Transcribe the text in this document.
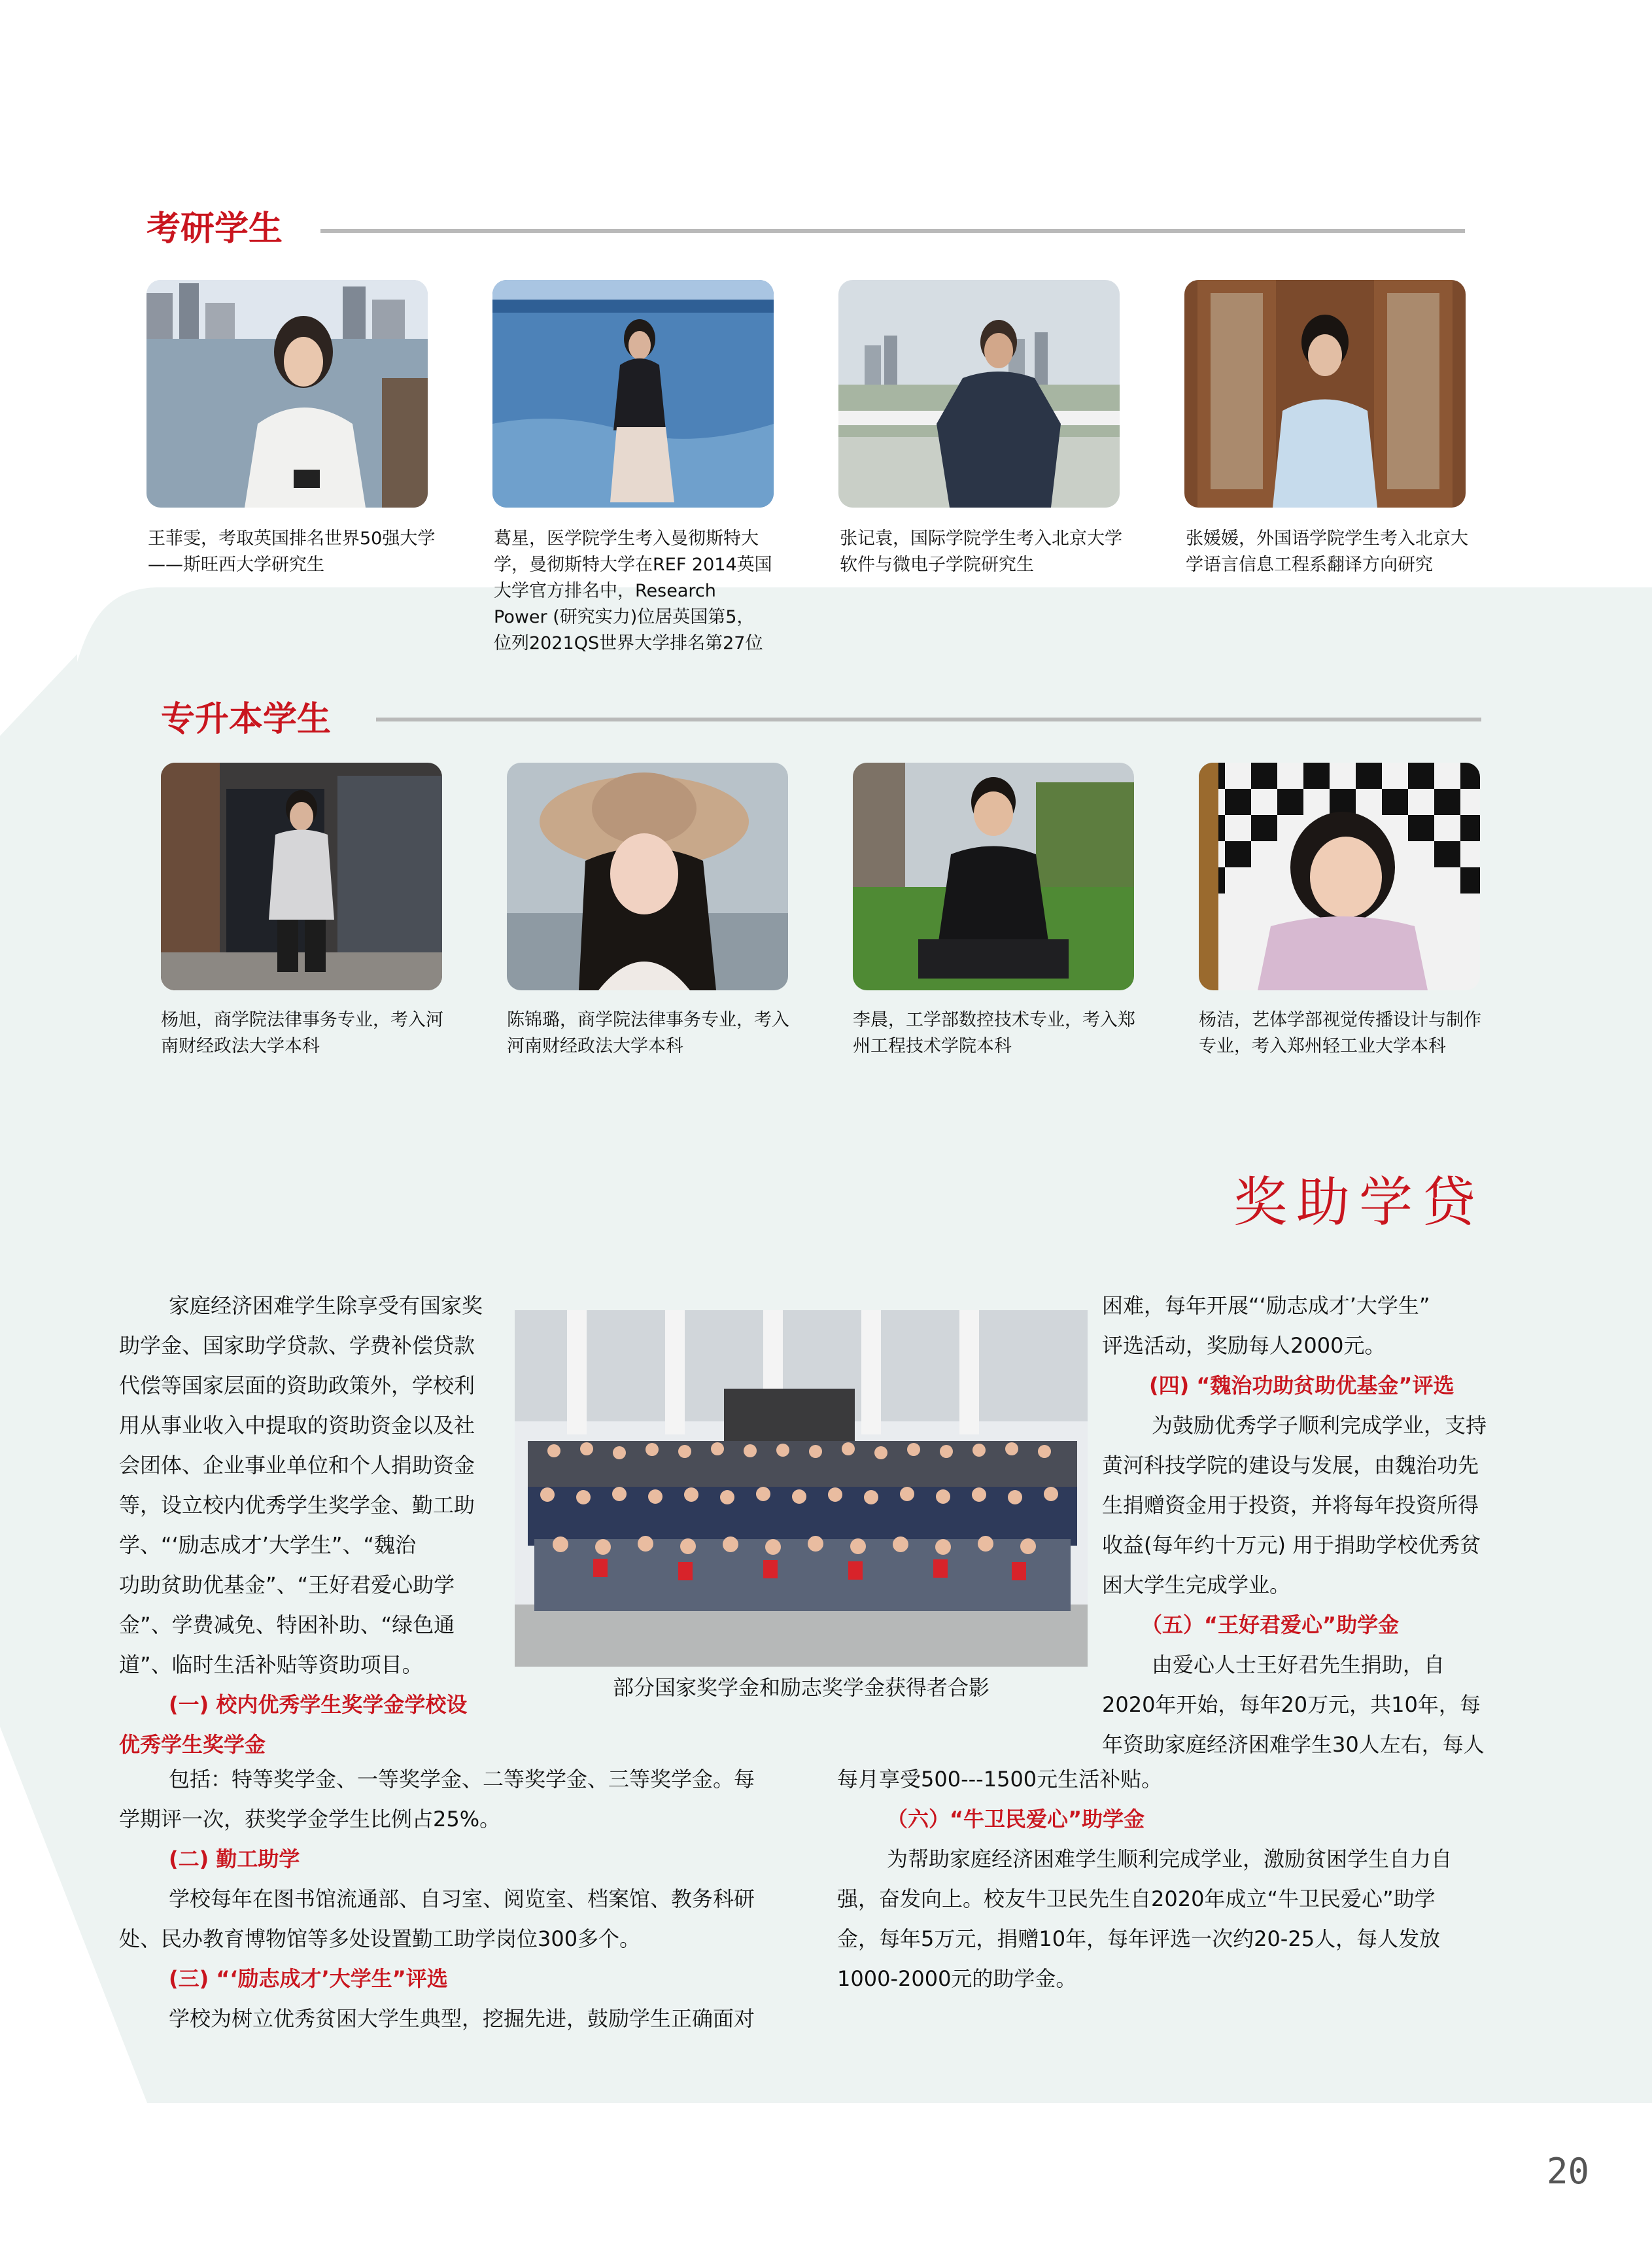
考研学生
王菲雯，考取英国排名世界50强大学——斯旺西大学研究生
葛星，医学院学生考入曼彻斯特大学，曼彻斯特大学在REF 2014英国大学官方排名中，Research Power (研究实力)位居英国第5， 位列2021QS世界大学排名第27位
张记袁，国际学院学生考入北京大学软件与微电子学院研究生
张媛媛，外国语学院学生考入北京大学语言信息工程系翻译方向研究
专升本学生
杨旭，商学院法律事务专业，考入河南财经政法大学本科
陈锦璐，商学院法律事务专业，考入河南财经政法大学本科
李晨，工学部数控技术专业，考入郑州工程技术学院本科
杨洁，艺体学部视觉传播设计与制作专业，考入郑州轻工业大学本科
奖助学贷

家庭经济困难学生除享受有国家奖

助学金、国家助学贷款、学费补偿贷款

代偿等国家层面的资助政策外，学校利

用从事业收入中提取的资助资金以及社

会团体、企业事业单位和个人捐助资金

等，设立校内优秀学生奖学金、勤工助

学、“‘励志成才’大学生”、“魏治

功助贫助优基金”、“王好君爱心助学

金”、学费减免、特困补助、“绿色通

道”、临时生活补贴等资助项目。

(一) 校内优秀学生奖学金学校设

优秀学生奖学金

部分国家奖学金和励志奖学金获得者合影

包括：特等奖学金、一等奖学金、二等奖学金、三等奖学金。每

学期评一次，获奖学金学生比例占25%。

(二) 勤工助学

学校每年在图书馆流通部、自习室、阅览室、档案馆、教务科研

处、民办教育博物馆等多处设置勤工助学岗位300多个。

(三) “‘励志成才’大学生”评选

学校为树立优秀贫困大学生典型，挖掘先进，鼓励学生正确面对

困难，每年开展“‘励志成才’大学生”

评选活动，奖励每人2000元。

(四) “魏治功助贫助优基金”评选

为鼓励优秀学子顺利完成学业，支持

黄河科技学院的建设与发展，由魏治功先

生捐赠资金用于投资，并将每年投资所得

收益(每年约十万元) 用于捐助学校优秀贫

困大学生完成学业。

（五）“王好君爱心”助学金

由爱心人士王好君先生捐助，自

2020年开始，每年20万元，共10年，每

年资助家庭经济困难学生30人左右，每人

每月享受500---1500元生活补贴。

（六）“牛卫民爱心”助学金

为帮助家庭经济困难学生顺利完成学业，激励贫困学生自力自

强，奋发向上。校友牛卫民先生自2020年成立“牛卫民爱心”助学

金，每年5万元，捐赠10年，每年评选一次约20-25人，每人发放

1000-2000元的助学金。

20
